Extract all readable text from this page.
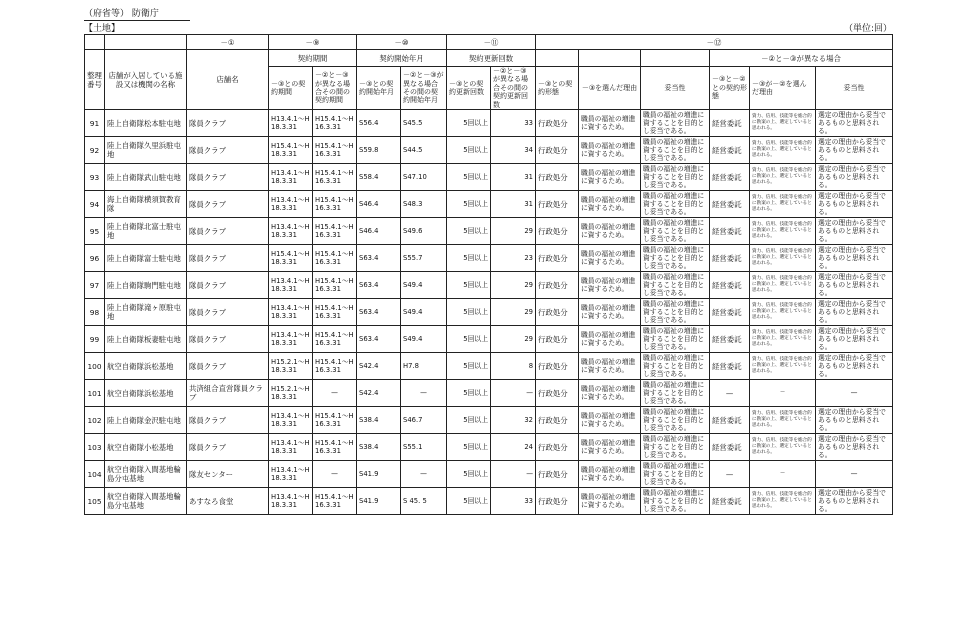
（府省等） 防衛庁
【土地】	（単位:回）
		－①	－⑨		－⑩		－⑪		－⑫					
整理番号	店舗が入居している施設又は機関の名称	店舗名	契約期間		契約開始年月		契約更新回数					－②と－③が異なる場合		
			－③との契約期間	－②と－③が異なる場合その間の契約期間	－③との契約開始年月	－②と－③が異なる場合その間の契約開始年月	－③との契約更新回数	－②と－③が異なる場合その間の契約更新回数	－③との契約形態	－③を選んだ理由	妥当性	－③と－②との契約形態	－③が－②を選んだ理由	妥当性
91	陸上自衛隊松本駐屯地	隊員クラブ	H13.4.1～H18.3.31	H15.4.1～H16.3.31	S56.4	S45.5	5回以上	33	行政処分	職員の福祉の増進に資するため。	職員の福祉の増進に資することを目的とし妥当である。	経営委託	資力、信用、技能等を総合的に勘案の上、選定していると思われる。	選定の理由から妥当であるものと思料される。
92	陸上自衛隊久里浜駐屯地	隊員クラブ	H15.4.1～H18.3.31	H15.4.1～H16.3.31	S59.8	S44.5	5回以上	34	行政処分	職員の福祉の増進に資するため。	職員の福祉の増進に資することを目的とし妥当である。	経営委託	資力、信用、技能等を総合的に勘案の上、選定していると思われる。	選定の理由から妥当であるものと思料される。
93	陸上自衛隊武山駐屯地	隊員クラブ	H13.4.1～H18.3.31	H15.4.1～H16.3.31	S58.4	S47.10	5回以上	31	行政処分	職員の福祉の増進に資するため。	職員の福祉の増進に資することを目的とし妥当である。	経営委託	資力、信用、技能等を総合的に勘案の上、選定していると思われる。	選定の理由から妥当であるものと思料される。
94	海上自衛隊横須賀教育隊	隊員クラブ	H13.4.1～H18.3.31	H15.4.1～H16.3.31	S46.4	S48.3	5回以上	31	行政処分	職員の福祉の増進に資するため。	職員の福祉の増進に資することを目的とし妥当である。	経営委託	資力、信用、技能等を総合的に勘案の上、選定していると思われる。	選定の理由から妥当であるものと思料される。
95	陸上自衛隊北富士駐屯地	隊員クラブ	H13.4.1～H18.3.31	H15.4.1～H16.3.31	S46.4	S49.6	5回以上	29	行政処分	職員の福祉の増進に資するため。	職員の福祉の増進に資することを目的とし妥当である。	経営委託	資力、信用、技能等を総合的に勘案の上、選定していると思われる。	選定の理由から妥当であるものと思料される。
96	陸上自衛隊富士駐屯地	隊員クラブ	H15.4.1～H18.3.31	H15.4.1～H16.3.31	S63.4	S55.7	5回以上	23	行政処分	職員の福祉の増進に資するため。	職員の福祉の増進に資することを目的とし妥当である。	経営委託	資力、信用、技能等を総合的に勘案の上、選定していると思われる。	選定の理由から妥当であるものと思料される。
97	陸上自衛隊駒門駐屯地	隊員クラブ	H13.4.1～H18.3.31	H15.4.1～H16.3.31	S63.4	S49.4	5回以上	29	行政処分	職員の福祉の増進に資するため。	職員の福祉の増進に資することを目的とし妥当である。	経営委託	資力、信用、技能等を総合的に勘案の上、選定していると思われる。	選定の理由から妥当であるものと思料される。
98	陸上自衛隊滝ヶ原駐屯地	隊員クラブ	H13.4.1～H18.3.31	H15.4.1～H16.3.31	S63.4	S49.4	5回以上	29	行政処分	職員の福祉の増進に資するため。	職員の福祉の増進に資することを目的とし妥当である。	経営委託	資力、信用、技能等を総合的に勘案の上、選定していると思われる。	選定の理由から妥当であるものと思料される。
99	陸上自衛隊板妻駐屯地	隊員クラブ	H13.4.1～H18.3.31	H15.4.1～H16.3.31	S63.4	S49.4	5回以上	29	行政処分	職員の福祉の増進に資するため。	職員の福祉の増進に資することを目的とし妥当である。	経営委託	資力、信用、技能等を総合的に勘案の上、選定していると思われる。	選定の理由から妥当であるものと思料される。
100	航空自衛隊浜松基地	隊員クラブ	H15.2.1～H18.3.31	H15.4.1～H16.3.31	S42.4	H7.8	5回以上	8	行政処分	職員の福祉の増進に資するため。	職員の福祉の増進に資することを目的とし妥当である。	経営委託	資力、信用、技能等を総合的に勘案の上、選定していると思われる。	選定の理由から妥当であるものと思料される。
101	航空自衛隊浜松基地	共済組合直営隊員クラブ	H15.2.1～H18.3.31	—	S42.4	—	5回以上	—	行政処分	職員の福祉の増進に資するため。	職員の福祉の増進に資することを目的とし妥当である。	—	—	—
102	陸上自衛隊金沢駐屯地	隊員クラブ	H13.4.1～H18.3.31	H15.4.1～H16.3.31	S38.4	S46.7	5回以上	32	行政処分	職員の福祉の増進に資するため。	職員の福祉の増進に資することを目的とし妥当である。	経営委託	資力、信用、技能等を総合的に勘案の上、選定していると思われる。	選定の理由から妥当であるものと思料される。
103	航空自衛隊小松基地	隊員クラブ	H13.4.1～H18.3.31	H15.4.1～H16.3.31	S38.4	S55.1	5回以上	24	行政処分	職員の福祉の増進に資するため。	職員の福祉の増進に資することを目的とし妥当である。	経営委託	資力、信用、技能等を総合的に勘案の上、選定していると思われる。	選定の理由から妥当であるものと思料される。
104	航空自衛隊入間基地輪島分屯基地	隊友センター	H13.4.1～H18.3.31	—	S41.9	—	5回以上	—	行政処分	職員の福祉の増進に資するため。	職員の福祉の増進に資することを目的とし妥当である。	—	—	—
105	航空自衛隊入間基地輪島分屯基地	あすなろ食堂	H13.4.1～H18.3.31	H15.4.1～H16.3.31	S41.9	S 45. 5	5回以上	33	行政処分	職員の福祉の増進に資するため。	職員の福祉の増進に資することを目的とし妥当である。	経営委託	資力、信用、技能等を総合的に勘案の上、選定していると思われる。	選定の理由から妥当であるものと思料される。
